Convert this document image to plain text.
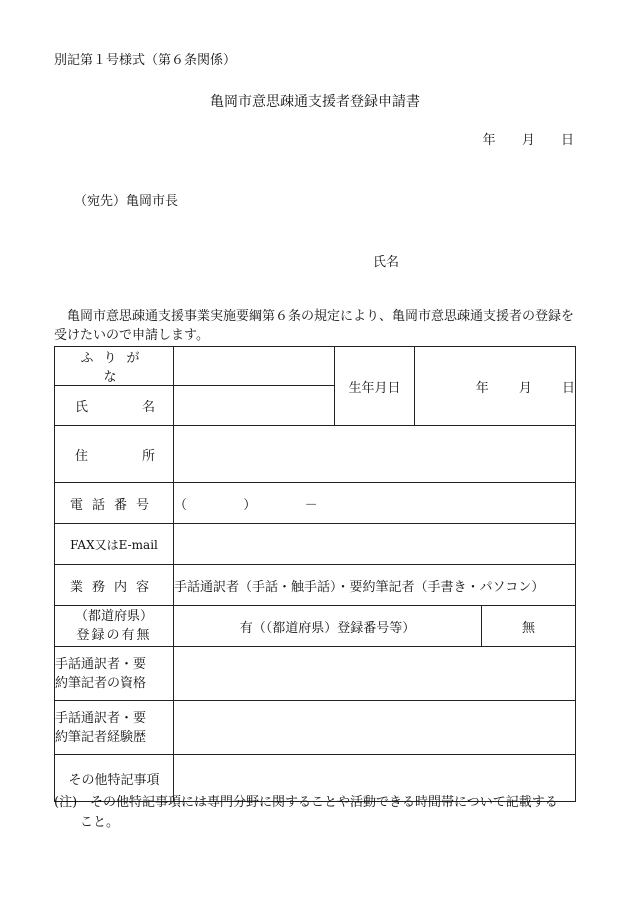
別記第１号様式（第６条関係）
亀岡市意思疎通支援者登録申請書
年 月 日
（宛先）亀岡市長
氏名
亀岡市意思疎通支援事業実施要綱第６条の規定により、亀岡市意思疎通支援者の登録を受けたいので申請します。
ふりがな		生年月日	年 月 日	

氏 名				

住 所				

電話番号	（ ） －			
FAX又はE-mail				
業務内容	手話通訳者（手話・触手話）・要約筆記者（手書き・パソコン）			

（都道府県）
登録の有無	有（（都道府県）登録番号等）			無

手話通訳者・要
約筆記者の資格				

手話通訳者・要
約筆記者経験歴				

その他特記事項				
(注) その他特記事項には専門分野に関することや活動できる時間帯について記載する
こと。
